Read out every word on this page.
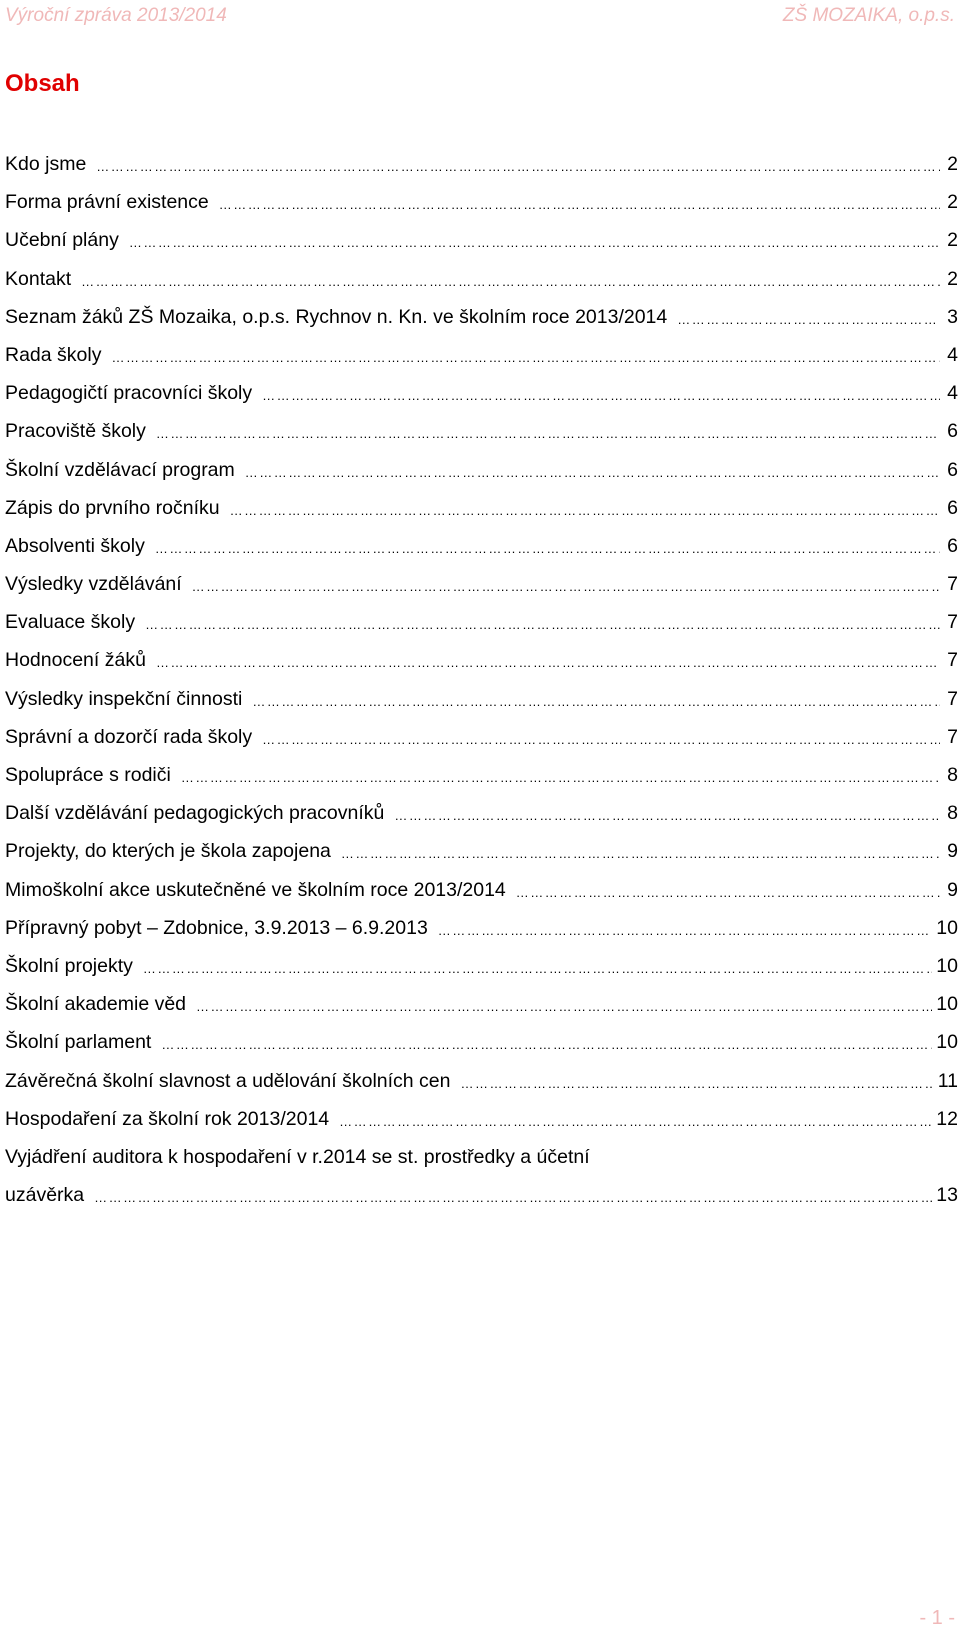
Výroční zpráva 2013/2014	ZŠ MOZAIKA, o.p.s.
Obsah
Kdo jsme ………………………………………………………………………………………………………………………………………………………………………………………………………………………………………………………………	2
Forma právní existence ………………………………………………………………………………………………………………………………………………………………………………………………………………………………………………………………	2
Učební plány ………………………………………………………………………………………………………………………………………………………………………………………………………………………………………………………………	2
Kontakt ………………………………………………………………………………………………………………………………………………………………………………………………………………………………………………………………	2
Seznam žáků ZŠ Mozaika, o.p.s. Rychnov n. Kn. ve školním roce 2013/2014 ………………………………………………………………………………………………………………………………………………………………………………………………………………………………………………………………	3
Rada školy ………………………………………………………………………………………………………………………………………………………………………………………………………………………………………………………………	4
Pedagogičtí pracovníci školy ………………………………………………………………………………………………………………………………………………………………………………………………………………………………………………………………	4
Pracoviště školy ………………………………………………………………………………………………………………………………………………………………………………………………………………………………………………………………	6
Školní vzdělávací program ………………………………………………………………………………………………………………………………………………………………………………………………………………………………………………………………	6
Zápis do prvního ročníku ………………………………………………………………………………………………………………………………………………………………………………………………………………………………………………………………	6
Absolventi školy ………………………………………………………………………………………………………………………………………………………………………………………………………………………………………………………………	6
Výsledky vzdělávání ………………………………………………………………………………………………………………………………………………………………………………………………………………………………………………………………	7
Evaluace školy ………………………………………………………………………………………………………………………………………………………………………………………………………………………………………………………………	7
Hodnocení žáků ………………………………………………………………………………………………………………………………………………………………………………………………………………………………………………………………	7
Výsledky inspekční činnosti ………………………………………………………………………………………………………………………………………………………………………………………………………………………………………………………………	7
Správní a dozorčí rada školy ………………………………………………………………………………………………………………………………………………………………………………………………………………………………………………………………	7
Spolupráce s rodiči ………………………………………………………………………………………………………………………………………………………………………………………………………………………………………………………………	8
Další vzdělávání pedagogických pracovníků ………………………………………………………………………………………………………………………………………………………………………………………………………………………………………………………………	8
Projekty, do kterých je škola zapojena ………………………………………………………………………………………………………………………………………………………………………………………………………………………………………………………………	9
Mimoškolní akce uskutečněné ve školním roce 2013/2014 ………………………………………………………………………………………………………………………………………………………………………………………………………………………………………………………………	9
Přípravný pobyt – Zdobnice, 3.9.2013 – 6.9.2013 ………………………………………………………………………………………………………………………………………………………………………………………………………………………………………………………………	10
Školní projekty ………………………………………………………………………………………………………………………………………………………………………………………………………………………………………………………………	10
Školní akademie věd ………………………………………………………………………………………………………………………………………………………………………………………………………………………………………………………………	10
Školní parlament ………………………………………………………………………………………………………………………………………………………………………………………………………………………………………………………………	10
Závěrečná školní slavnost a udělování školních cen ………………………………………………………………………………………………………………………………………………………………………………………………………………………………………………………………	11
Hospodaření za školní rok 2013/2014 ………………………………………………………………………………………………………………………………………………………………………………………………………………………………………………………………	12
Vyjádření auditora k hospodaření v r.2014 se st. prostředky a účetní
uzávěrka ………………………………………………………………………………………………………………………………………………………………………………………………………………………………………………………………	13
- 1 -
